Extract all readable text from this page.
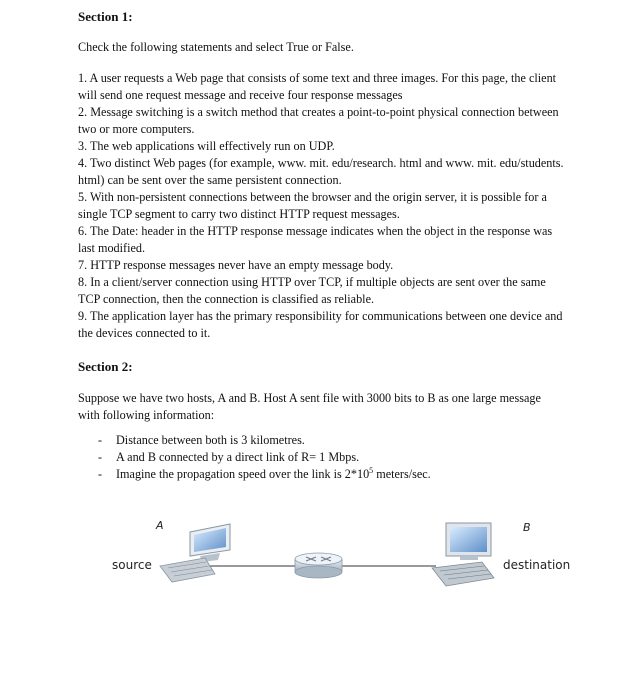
Section 1:
Check the following statements and select True or False.
1. A user requests a Web page that consists of some text and three images. For this page, the client will send one request message and receive four response messages
2. Message switching is a switch method that creates a point-to-point physical connection between two or more computers.
3. The web applications will effectively run on UDP.
4. Two distinct Web pages (for example, www. mit. edu/research. html and www. mit. edu/students. html) can be sent over the same persistent connection.
5. With non-persistent connections between the browser and the origin server, it is possible for a single TCP segment to carry two distinct HTTP request messages.
6. The Date: header in the HTTP response message indicates when the object in the response was last modified.
7. HTTP response messages never have an empty message body.
8. In a client/server connection using HTTP over TCP, if multiple objects are sent over the same TCP connection, then the connection is classified as reliable.
9. The application layer has the primary responsibility for communications between one device and the devices connected to it.
Section 2:
Suppose we have two hosts, A and B. Host A sent file with 3000 bits to B as one large message with following information:
- Distance between both is 3 kilometres.
- A and B connected by a direct link of R= 1 Mbps.
- Imagine the propagation speed over the link is $2*10^5$ meters/sec.
A	B
source	destination
